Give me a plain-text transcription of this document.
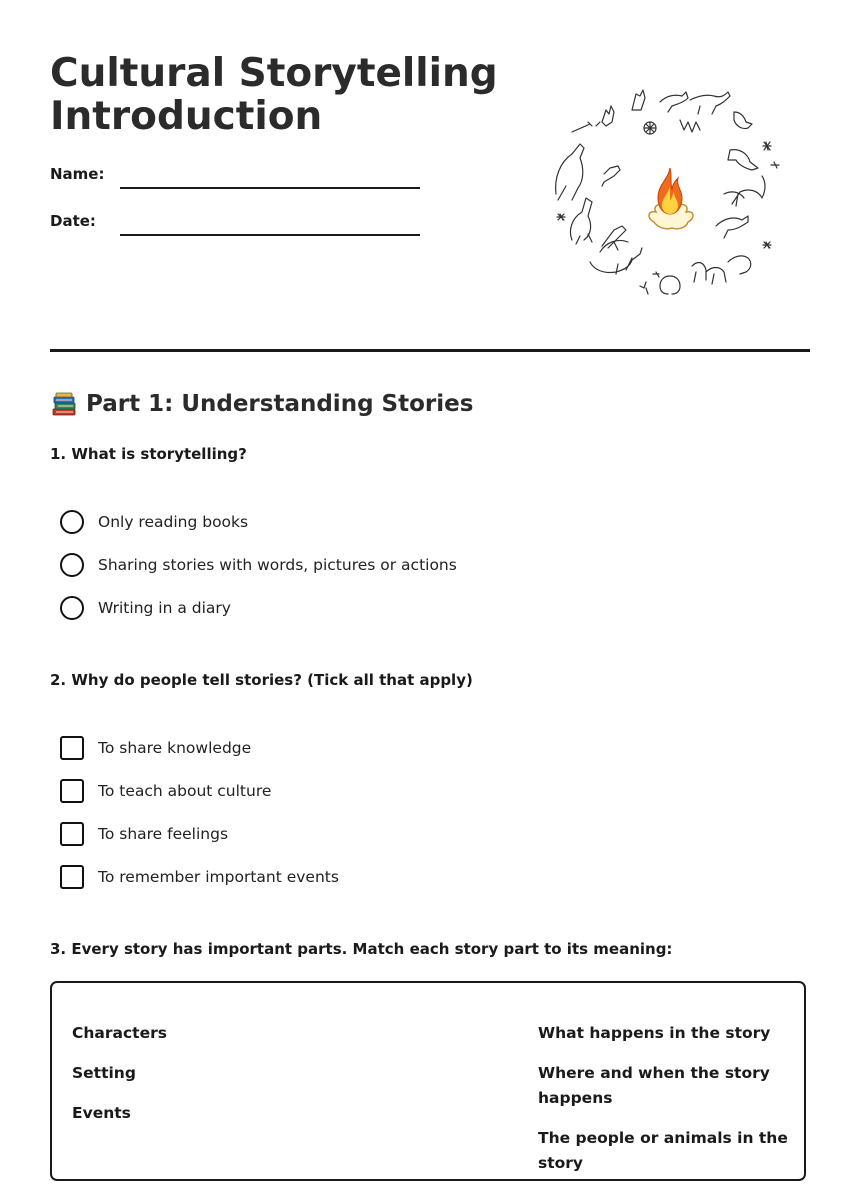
Cultural Storytelling
Introduction
Name:
Date:
Part 1: Understanding Stories

1. What is storytelling?

Only reading books
Sharing stories with words, pictures or actions
Writing in a diary

2. Why do people tell stories? (Tick all that apply)

To share knowledge
To teach about culture
To share feelings
To remember important events

3. Every story has important parts. Match each story part to its meaning:

Characters

Setting

Events

What happens in the story

Where and when the story happens

The people or animals in the story
